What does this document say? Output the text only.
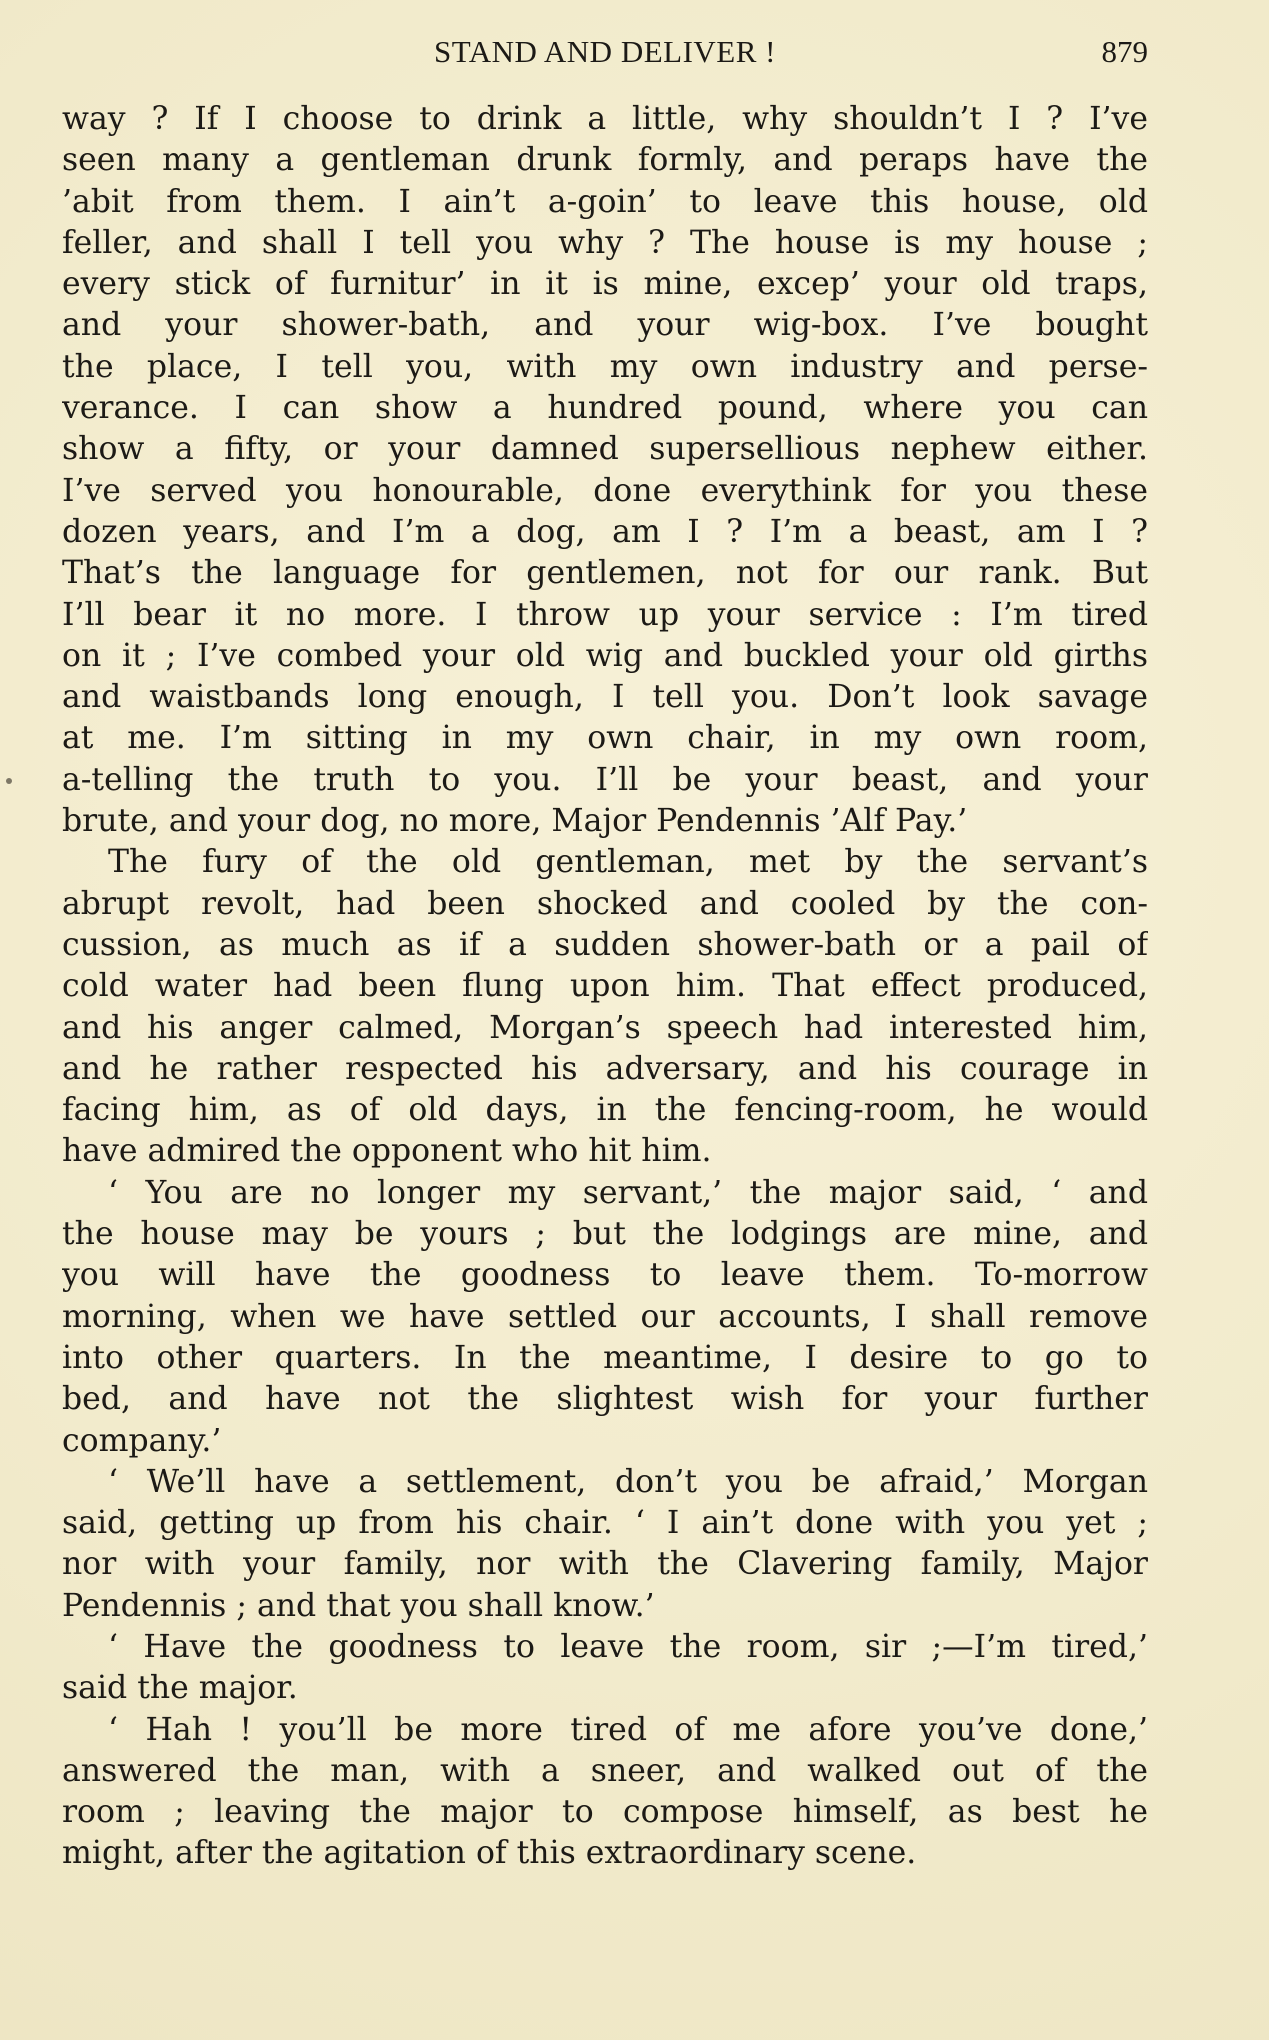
STAND AND DELIVER !	879
way ? If I choose to drink a little, why shouldn’t I ? I’ve
seen many a gentleman drunk formly, and peraps have the
’abit from them. I ain’t a-goin’ to leave this house, old
feller, and shall I tell you why ? The house is my house ;
every stick of furnitur’ in it is mine, excep’ your old traps,
and your shower-bath, and your wig-box. I’ve bought
the place, I tell you, with my own industry and perse-
verance. I can show a hundred pound, where you can
show a fifty, or your damned supersellious nephew either.
I’ve served you honourable, done everythink for you these
dozen years, and I’m a dog, am I ? I’m a beast, am I ?
That’s the language for gentlemen, not for our rank. But
I’ll bear it no more. I throw up your service : I’m tired
on it ; I’ve combed your old wig and buckled your old girths
and waistbands long enough, I tell you. Don’t look savage
at me. I’m sitting in my own chair, in my own room,
a-telling the truth to you. I’ll be your beast, and your
brute, and your dog, no more, Major Pendennis ’Alf Pay.’
The fury of the old gentleman, met by the servant’s
abrupt revolt, had been shocked and cooled by the con-
cussion, as much as if a sudden shower-bath or a pail of
cold water had been flung upon him. That effect produced,
and his anger calmed, Morgan’s speech had interested him,
and he rather respected his adversary, and his courage in
facing him, as of old days, in the fencing-room, he would
have admired the opponent who hit him.
‘ You are no longer my servant,’ the major said, ‘ and
the house may be yours ; but the lodgings are mine, and
you will have the goodness to leave them. To-morrow
morning, when we have settled our accounts, I shall remove
into other quarters. In the meantime, I desire to go to
bed, and have not the slightest wish for your further
company.’
‘ We’ll have a settlement, don’t you be afraid,’ Morgan
said, getting up from his chair. ‘ I ain’t done with you yet ;
nor with your family, nor with the Clavering family, Major
Pendennis ; and that you shall know.’
‘ Have the goodness to leave the room, sir ;—I’m tired,’
said the major.
‘ Hah ! you’ll be more tired of me afore you’ve done,’
answered the man, with a sneer, and walked out of the
room ; leaving the major to compose himself, as best he
might, after the agitation of this extraordinary scene.
